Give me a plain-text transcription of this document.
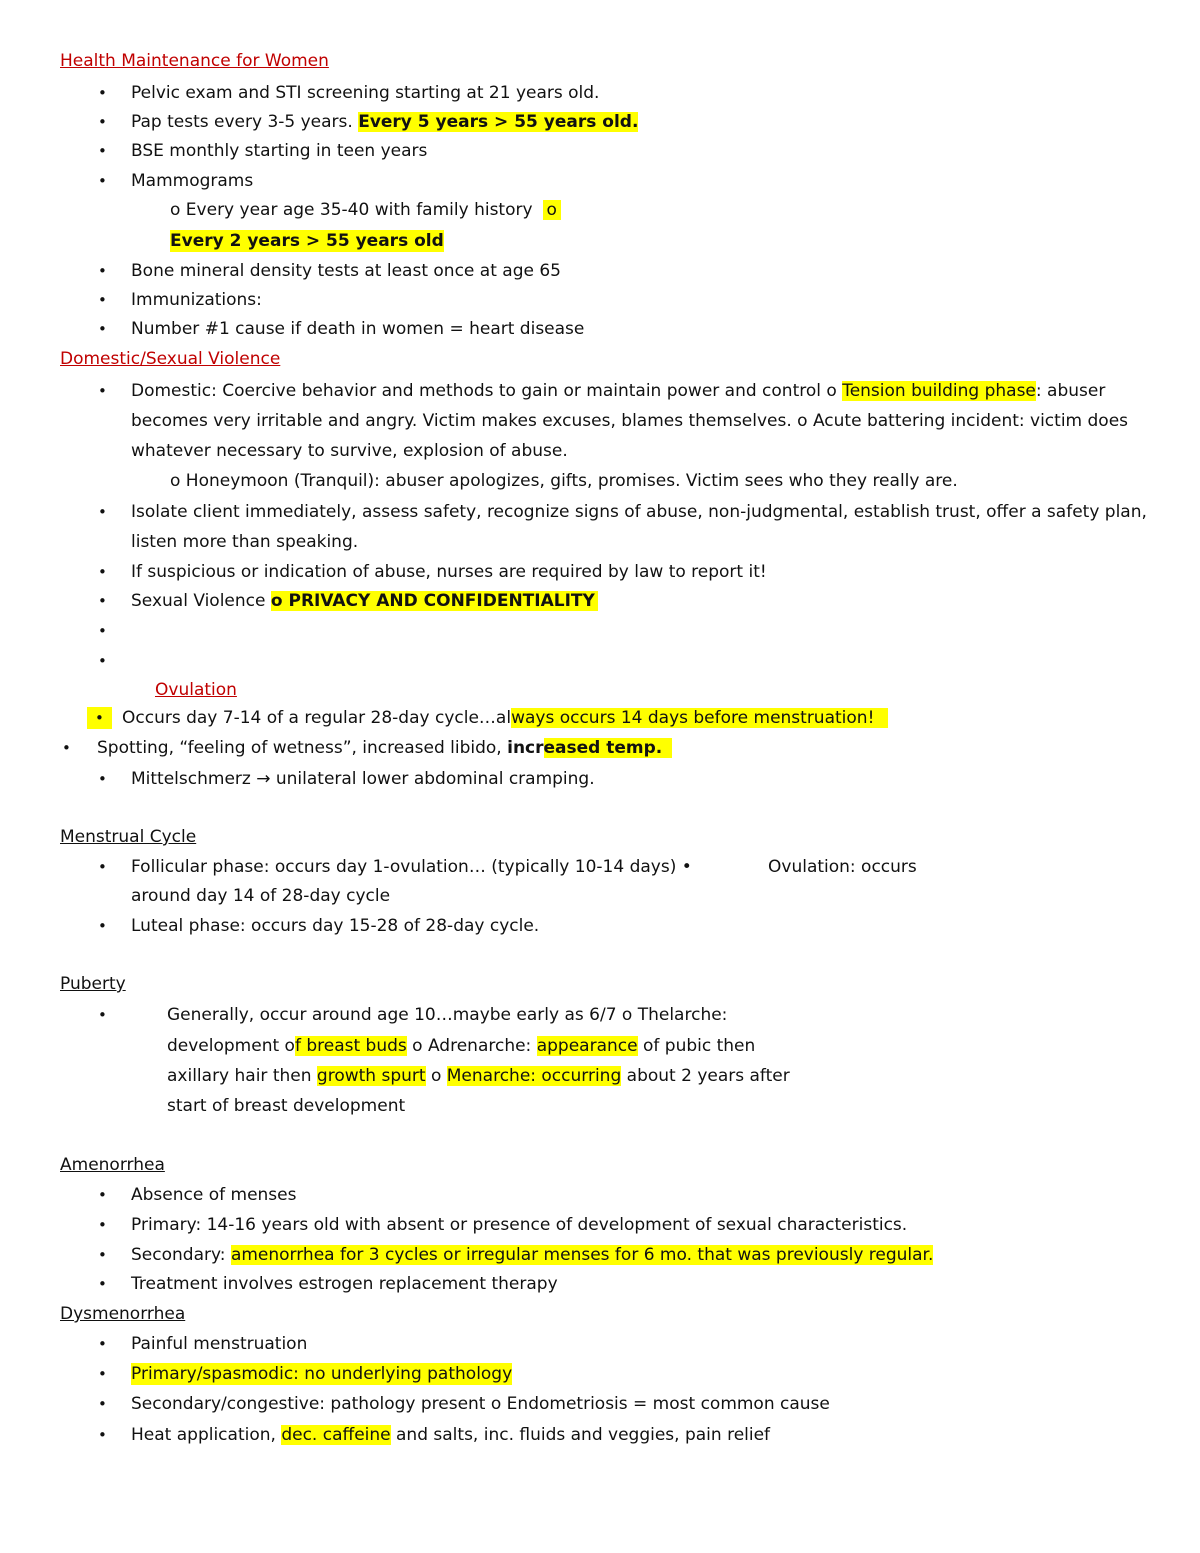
Health Maintenance for Women
• Pelvic exam and STI screening starting at 21 years old.
• Pap tests every 3-5 years. Every 5 years > 55 years old.
• BSE monthly starting in teen years
• Mammograms
o Every year age 35-40 with family history o
Every 2 years > 55 years old
• Bone mineral density tests at least once at age 65
• Immunizations:
• Number #1 cause if death in women = heart disease
Domestic/Sexual Violence
• Domestic: Coercive behavior and methods to gain or maintain power and control o Tension building phase: abuser
becomes very irritable and angry. Victim makes excuses, blames themselves. o Acute battering incident: victim does
whatever necessary to survive, explosion of abuse.
o Honeymoon (Tranquil): abuser apologizes, gifts, promises. Victim sees who they really are.
• Isolate client immediately, assess safety, recognize signs of abuse, non-judgmental, establish trust, offer a safety plan,
listen more than speaking.
• If suspicious or indication of abuse, nurses are required by law to report it!
• Sexual Violence o PRIVACY AND CONFIDENTIALITY
•
•
Ovulation
•	Occurs day 7-14 of a regular 28-day cycle…always occurs 14 days before menstruation!
• Spotting, “feeling of wetness”, increased libido, increased temp.
• Mittelschmerz → unilateral lower abdominal cramping.
Menstrual Cycle
• Follicular phase: occurs day 1-ovulation… (typically 10-14 days) •	Ovulation: occurs
around day 14 of 28-day cycle
• Luteal phase: occurs day 15-28 of 28-day cycle.
Puberty
•	Generally, occur around age 10…maybe early as 6/7 o Thelarche:
development of breast buds o Adrenarche: appearance of pubic then
axillary hair then growth spurt o Menarche: occurring about 2 years after
start of breast development
Amenorrhea
• Absence of menses
• Primary: 14-16 years old with absent or presence of development of sexual characteristics.
• Secondary: amenorrhea for 3 cycles or irregular menses for 6 mo. that was previously regular.
• Treatment involves estrogen replacement therapy
Dysmenorrhea
• Painful menstruation
• Primary/spasmodic: no underlying pathology
• Secondary/congestive: pathology present o Endometriosis = most common cause
• Heat application, dec. caffeine and salts, inc. fluids and veggies, pain relief
